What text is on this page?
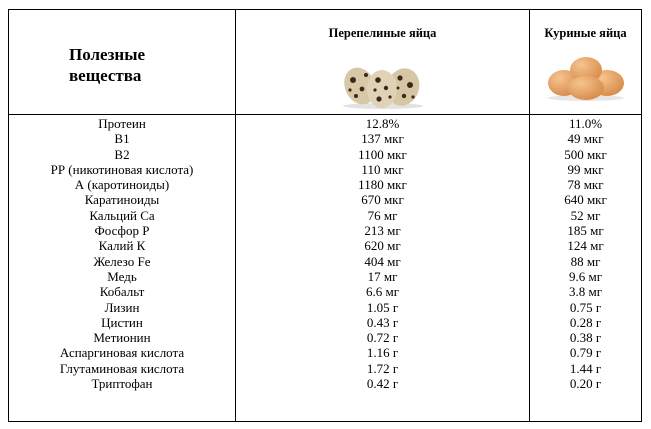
Полезные вещества
Перепелиные яйца	Куриные яйца
Протеин	12.8%	11.0%
B1	137 мкг	49 мкг
B2	1100 мкг	500 мкг
РР (никотиновая кислота)	110 мкг	99 мкг
А (каротиноиды)	1180 мкг	78 мкг
Каратиноиды	670 мкг	640 мкг
Кальций Са	76 мг	52 мг
Фосфор Р	213 мг	185 мг
Калий К	620 мг	124 мг
Железо Fe	404 мг	88 мг
Медь	17 мг	9.6 мг
Кобальт	6.6 мг	3.8 мг
Лизин	1.05 г	0.75 г
Цистин	0.43 г	0.28 г
Метионин	0.72 г	0.38 г
Аспаргиновая кислота	1.16 г	0.79 г
Глутаминовая кислота	1.72 г	1.44 г
Триптофан	0.42 г	0.20 г
